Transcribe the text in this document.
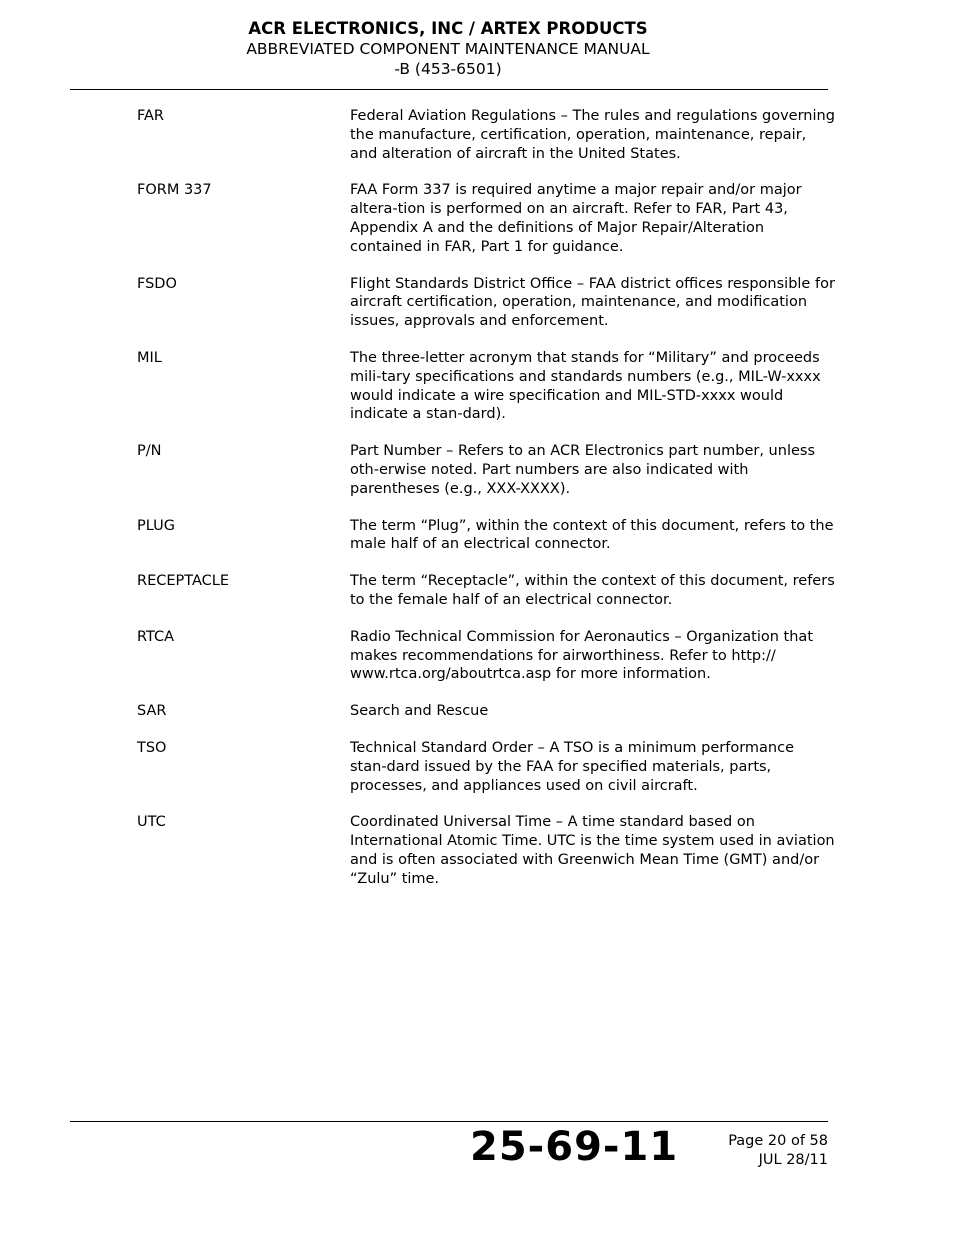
ACR ELECTRONICS, INC / ARTEX PRODUCTS
ABBREVIATED COMPONENT MAINTENANCE MANUAL
-B (453-6501)
FAR	Federal Aviation Regulations – The rules and regulations governing the manufacture, certification, operation, maintenance, repair, and alteration of aircraft in the United States.
FORM 337	FAA Form 337 is required anytime a major repair and/or major altera-tion is performed on an aircraft. Refer to FAR, Part 43, Appendix A and the definitions of Major Repair/Alteration contained in FAR, Part 1 for guidance.
FSDO	Flight Standards District Office – FAA district offices responsible for aircraft certification, operation, maintenance, and modification issues, approvals and enforcement.
MIL	The three-letter acronym that stands for “Military” and proceeds mili-tary specifications and standards numbers (e.g., MIL-W-xxxx would indicate a wire specification and MIL-STD-xxxx would indicate a stan-dard).
P/N	Part Number – Refers to an ACR Electronics part number, unless oth-erwise noted. Part numbers are also indicated with parentheses (e.g., XXX-XXXX).
PLUG	The term “Plug”, within the context of this document, refers to the male half of an electrical connector.
RECEPTACLE	The term “Receptacle”, within the context of this document, refers to the female half of an electrical connector.
RTCA	Radio Technical Commission for Aeronautics – Organization that makes recommendations for airworthiness. Refer to http:// www.rtca.org/aboutrtca.asp for more information.
SAR	Search and Rescue
TSO	Technical Standard Order – A TSO is a minimum performance stan-dard issued by the FAA for specified materials, parts, processes, and appliances used on civil aircraft.
UTC	Coordinated Universal Time – A time standard based on International Atomic Time. UTC is the time system used in aviation and is often associated with Greenwich Mean Time (GMT) and/or “Zulu” time.
25-69-11	Page 20 of 58
JUL 28/11
